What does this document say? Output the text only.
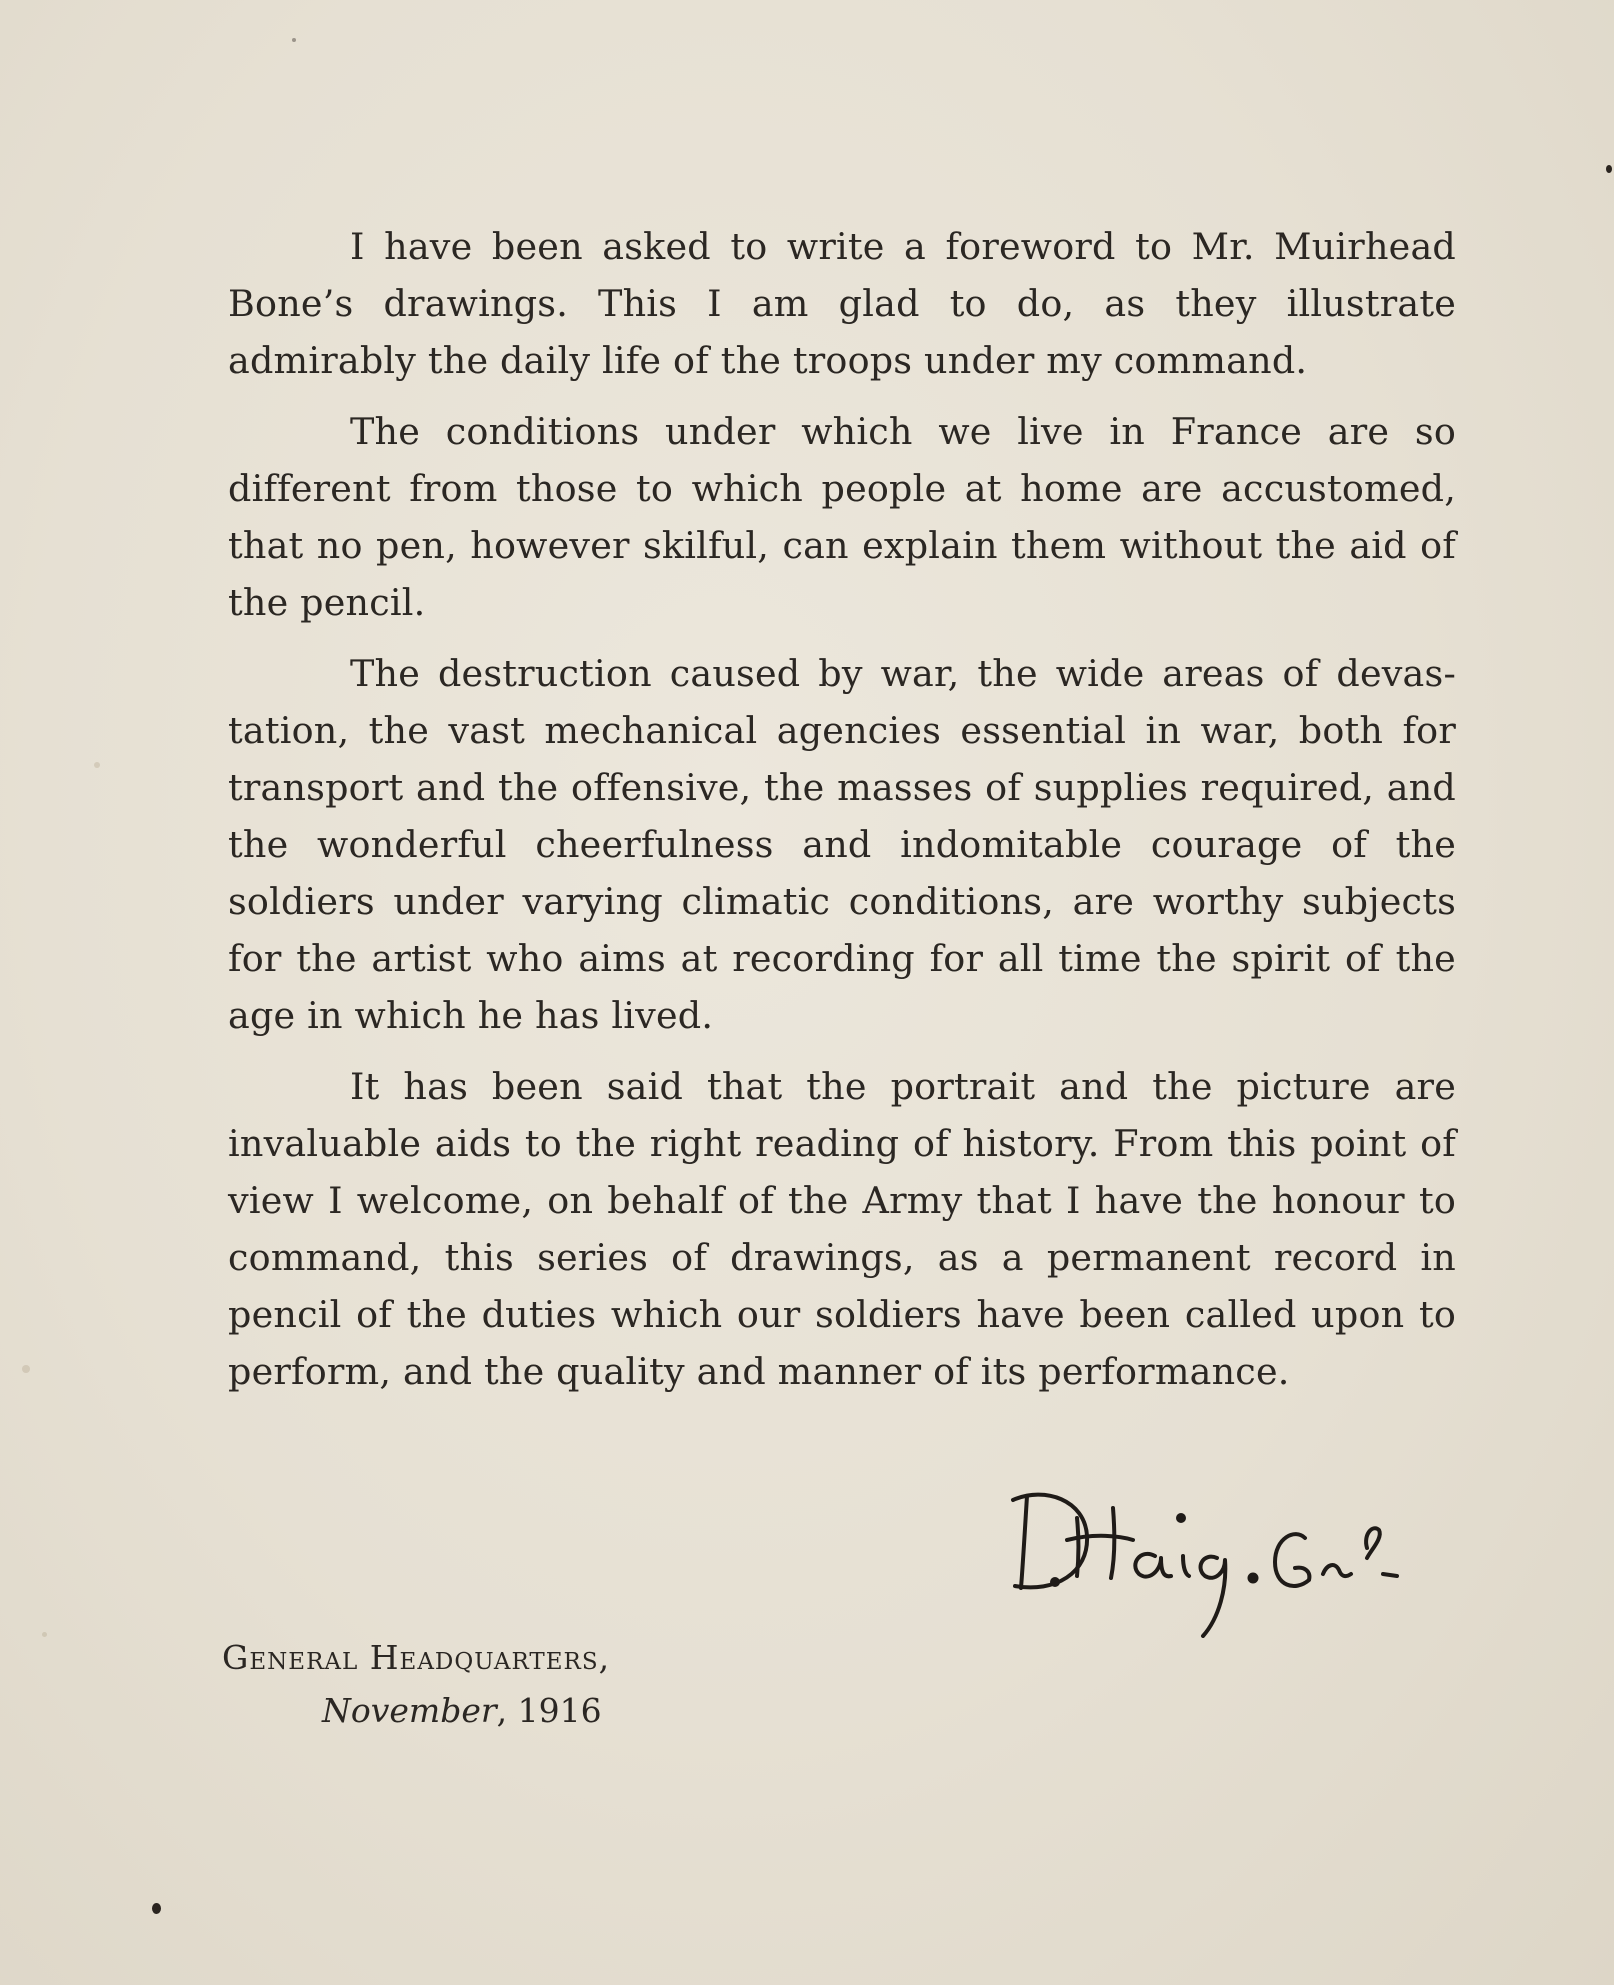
I have been asked to write a foreword to Mr. Muirhead Bone’s drawings. This I am glad to do, as they illustrate admirably the daily life of the troops under my command.

The conditions under which we live in France are so different from those to which people at home are accustomed, that no pen, however skilful, can explain them without the aid of the pencil.

The destruction caused by war, the wide areas of devas- tation, the vast mechanical agencies essential in war, both for transport and the offensive, the masses of supplies required, and the wonderful cheerfulness and indomitable courage of the soldiers under varying climatic conditions, are worthy subjects for the artist who aims at recording for all time the spirit of the age in which he has lived.

It has been said that the portrait and the picture are invaluable aids to the right reading of history. From this point of view I welcome, on behalf of the Army that I have the honour to command, this series of drawings, as a permanent record in pencil of the duties which our soldiers have been called upon to perform, and the quality and manner of its performance.

D. Haig. Genl
General Headquarters,
November, 1916
